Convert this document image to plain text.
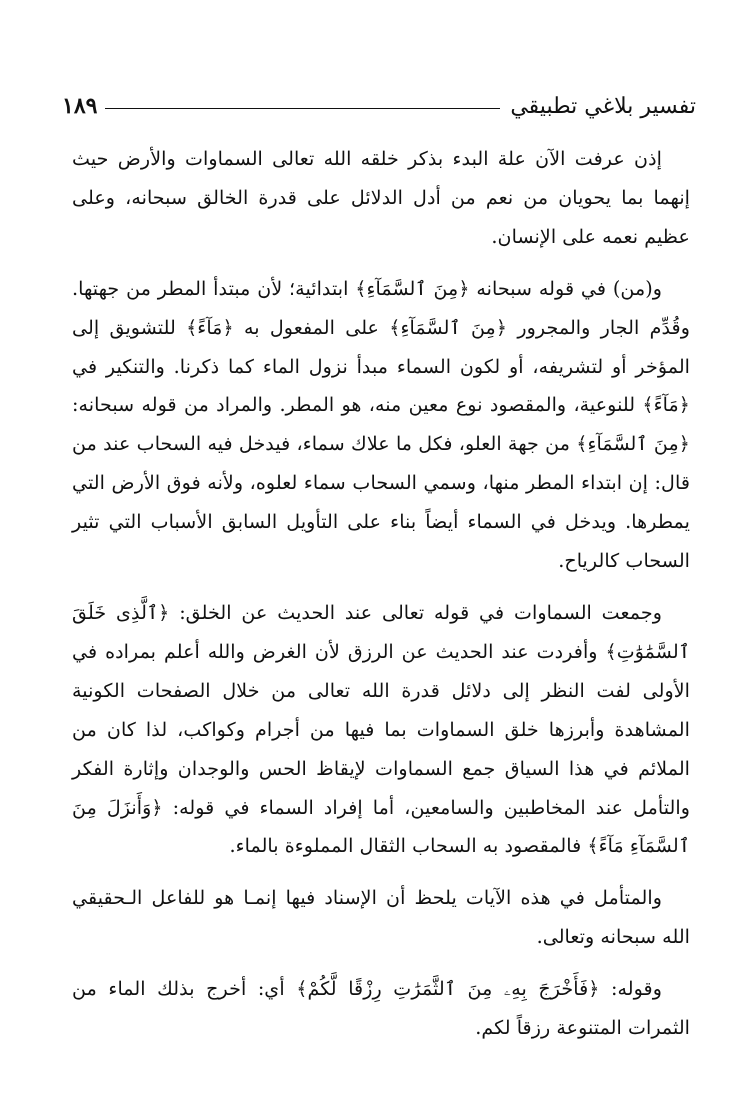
تفسير بلاغي تطبيقي
١٨٩

إذن عرفت الآن علة البدء بذكر خلقه الله تعالى السماوات والأرض حيث إنهما بما يحويان من نعم من أدل الدلائل على قدرة الخالق سبحانه، وعلى عظيم نعمه على الإنسان.

و(من) في قوله سبحانه ﴿مِنَ ٱلسَّمَآءِ﴾ ابتدائية؛ لأن مبتدأ المطر من جهتها. وقُدِّم الجار والمجرور ﴿مِنَ ٱلسَّمَآءِ﴾ على المفعول به ﴿مَآءً﴾ للتشويق إلى المؤخر أو لتشريفه، أو لكون السماء مبدأ نزول الماء كما ذكرنا. والتنكير في ﴿مَآءً﴾ للنوعية، والمقصود نوع معين منه، هو المطر. والمراد من قوله سبحانه: ﴿مِنَ ٱلسَّمَآءِ﴾ من جهة العلو، فكل ما علاك سماء، فيدخل فيه السحاب عند من قال: إن ابتداء المطر منها، وسمي السحاب سماء لعلوه، ولأنه فوق الأرض التي يمطرها. ويدخل في السماء أيضاً بناء على التأويل السابق الأسباب التي تثير السحاب كالرياح.

وجمعت السماوات في قوله تعالى عند الحديث عن الخلق: ﴿ٱلَّذِى خَلَقَ ٱلسَّمَٰوَٰتِ﴾ وأفردت عند الحديث عن الرزق لأن الغرض والله أعلم بمراده في الأولى لفت النظر إلى دلائل قدرة الله تعالى من خلال الصفحات الكونية المشاهدة وأبرزها خلق السماوات بما فيها من أجرام وكواكب، لذا كان من الملائم في هذا السياق جمع السماوات لإيقاظ الحس والوجدان وإثارة الفكر والتأمل عند المخاطبين والسامعين، أما إفراد السماء في قوله: ﴿وَأَنزَلَ مِنَ ٱلسَّمَآءِ مَآءً﴾ فالمقصود به السحاب الثقال المملوءة بالماء.

والمتأمل في هذه الآيات يلحظ أن الإسناد فيها إنمـا هو للفاعل الـحقيقي الله سبحانه وتعالى.

وقوله: ﴿فَأَخْرَجَ بِهِۦ مِنَ ٱلثَّمَرَٰتِ رِزْقًا لَّكُمْ﴾ أي: أخرج بذلك الماء من الثمرات المتنوعة رزقاً لكم.
